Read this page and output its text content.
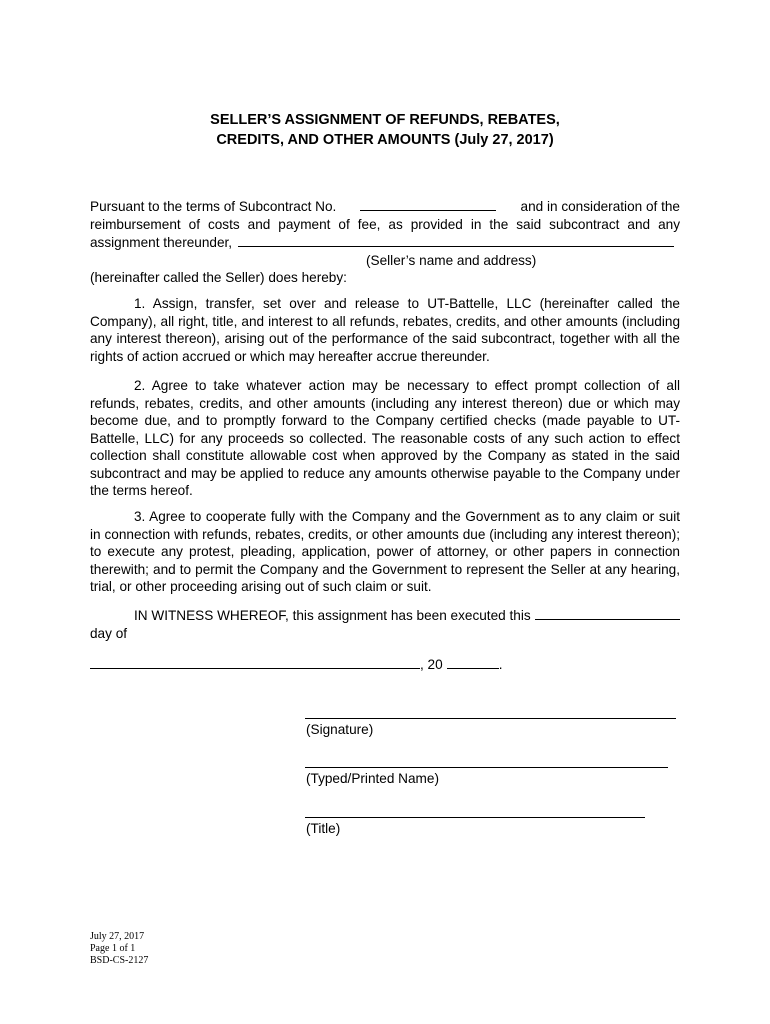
SELLER’S ASSIGNMENT OF REFUNDS, REBATES,
CREDITS, AND OTHER AMOUNTS (July 27, 2017)
Pursuant to the terms of Subcontract No.	and in consideration of the
reimbursement of costs and payment of fee, as provided in the said subcontract and any
assignment thereunder,
(Seller’s name and address)
(hereinafter called the Seller) does hereby:
1. Assign, transfer, set over and release to UT-Battelle, LLC (hereinafter called the
Company), all right, title, and interest to all refunds, rebates, credits, and other amounts (including
any interest thereon), arising out of the performance of the said subcontract, together with all the
rights of action accrued or which may hereafter accrue thereunder.
2. Agree to take whatever action may be necessary to effect prompt collection of all
refunds, rebates, credits, and other amounts (including any interest thereon) due or which may
become due, and to promptly forward to the Company certified checks (made payable to UT-
Battelle, LLC) for any proceeds so collected. The reasonable costs of any such action to effect
collection shall constitute allowable cost when approved by the Company as stated in the said
subcontract and may be applied to reduce any amounts otherwise payable to the Company under
the terms hereof.
3. Agree to cooperate fully with the Company and the Government as to any claim or suit
in connection with refunds, rebates, credits, or other amounts due (including any interest thereon);
to execute any protest, pleading, application, power of attorney, or other papers in connection
therewith; and to permit the Company and the Government to represent the Seller at any hearing,
trial, or other proceeding arising out of such claim or suit.
IN WITNESS WHEREOF, this assignment has been executed this
day of
, 20	.
(Signature)
(Typed/Printed Name)
(Title)
July 27, 2017
Page 1 of 1
BSD-CS-2127
